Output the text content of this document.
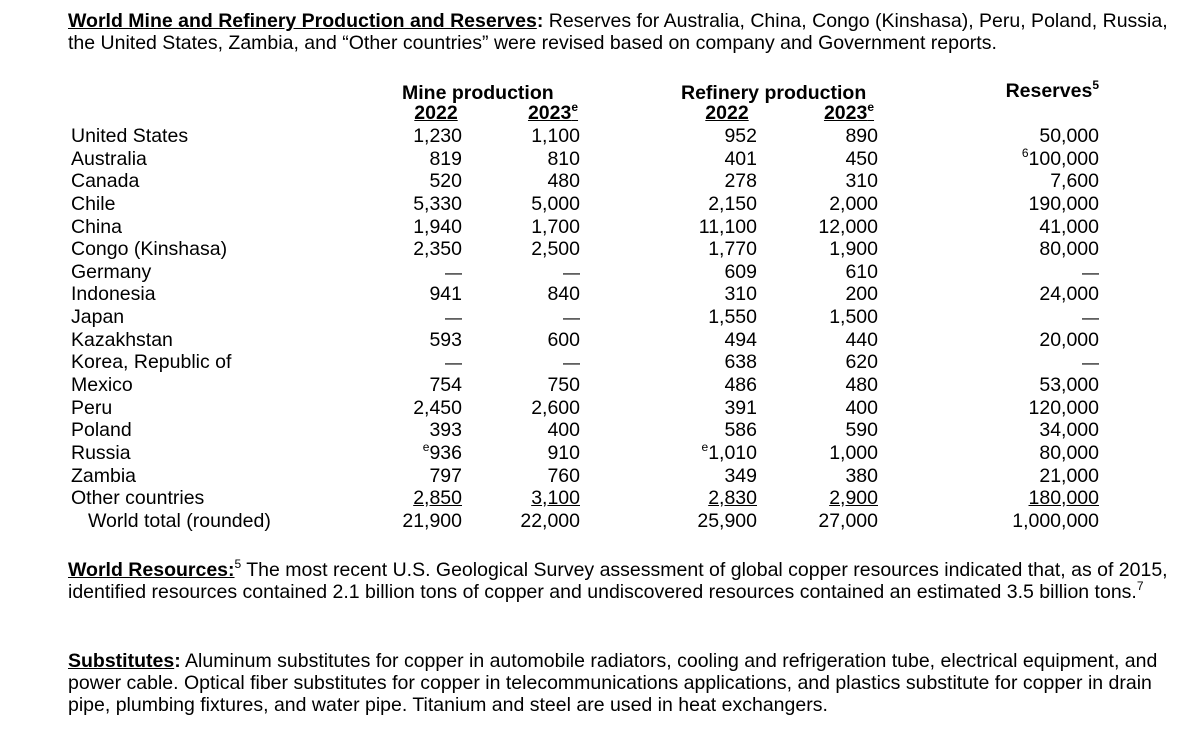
World Mine and Refinery Production and Reserves: Reserves for Australia, China, Congo (Kinshasa), Peru, Poland, Russia, the United States, Zambia, and “Other countries” were revised based on company and Government reports.

Mine production	Refinery production	Reserves$^5$
2022	2023e	2022	2023e
United States	1,230	1,100	952	890	50,000
Australia	819	810	401	450	$^6$100,000
Canada	520	480	278	310	7,600
Chile	5,330	5,000	2,150	2,000	190,000
China	1,940	1,700	11,100	12,000	41,000
Congo (Kinshasa)	2,350	2,500	1,770	1,900	80,000
Germany	—	—	609	610	—
Indonesia	941	840	310	200	24,000
Japan	—	—	1,550	1,500	—
Kazakhstan	593	600	494	440	20,000
Korea, Republic of	—	—	638	620	—
Mexico	754	750	486	480	53,000
Peru	2,450	2,600	391	400	120,000
Poland	393	400	586	590	34,000
Russia	$^e$936	910	$^e$1,010	1,000	80,000
Zambia	797	760	349	380	21,000
Other countries	2,850	3,100	2,830	2,900	180,000
World total (rounded)	21,900	22,000	25,900	27,000	1,000,000

World Resources:$^5$ The most recent U.S. Geological Survey assessment of global copper resources indicated that, as of 2015, identified resources contained 2.1 billion tons of copper and undiscovered resources contained an estimated 3.5 billion tons.$^7$

Substitutes: Aluminum substitutes for copper in automobile radiators, cooling and refrigeration tube, electrical equipment, and power cable. Optical fiber substitutes for copper in telecommunications applications, and plastics substitute for copper in drain pipe, plumbing fixtures, and water pipe. Titanium and steel are used in heat exchangers.
